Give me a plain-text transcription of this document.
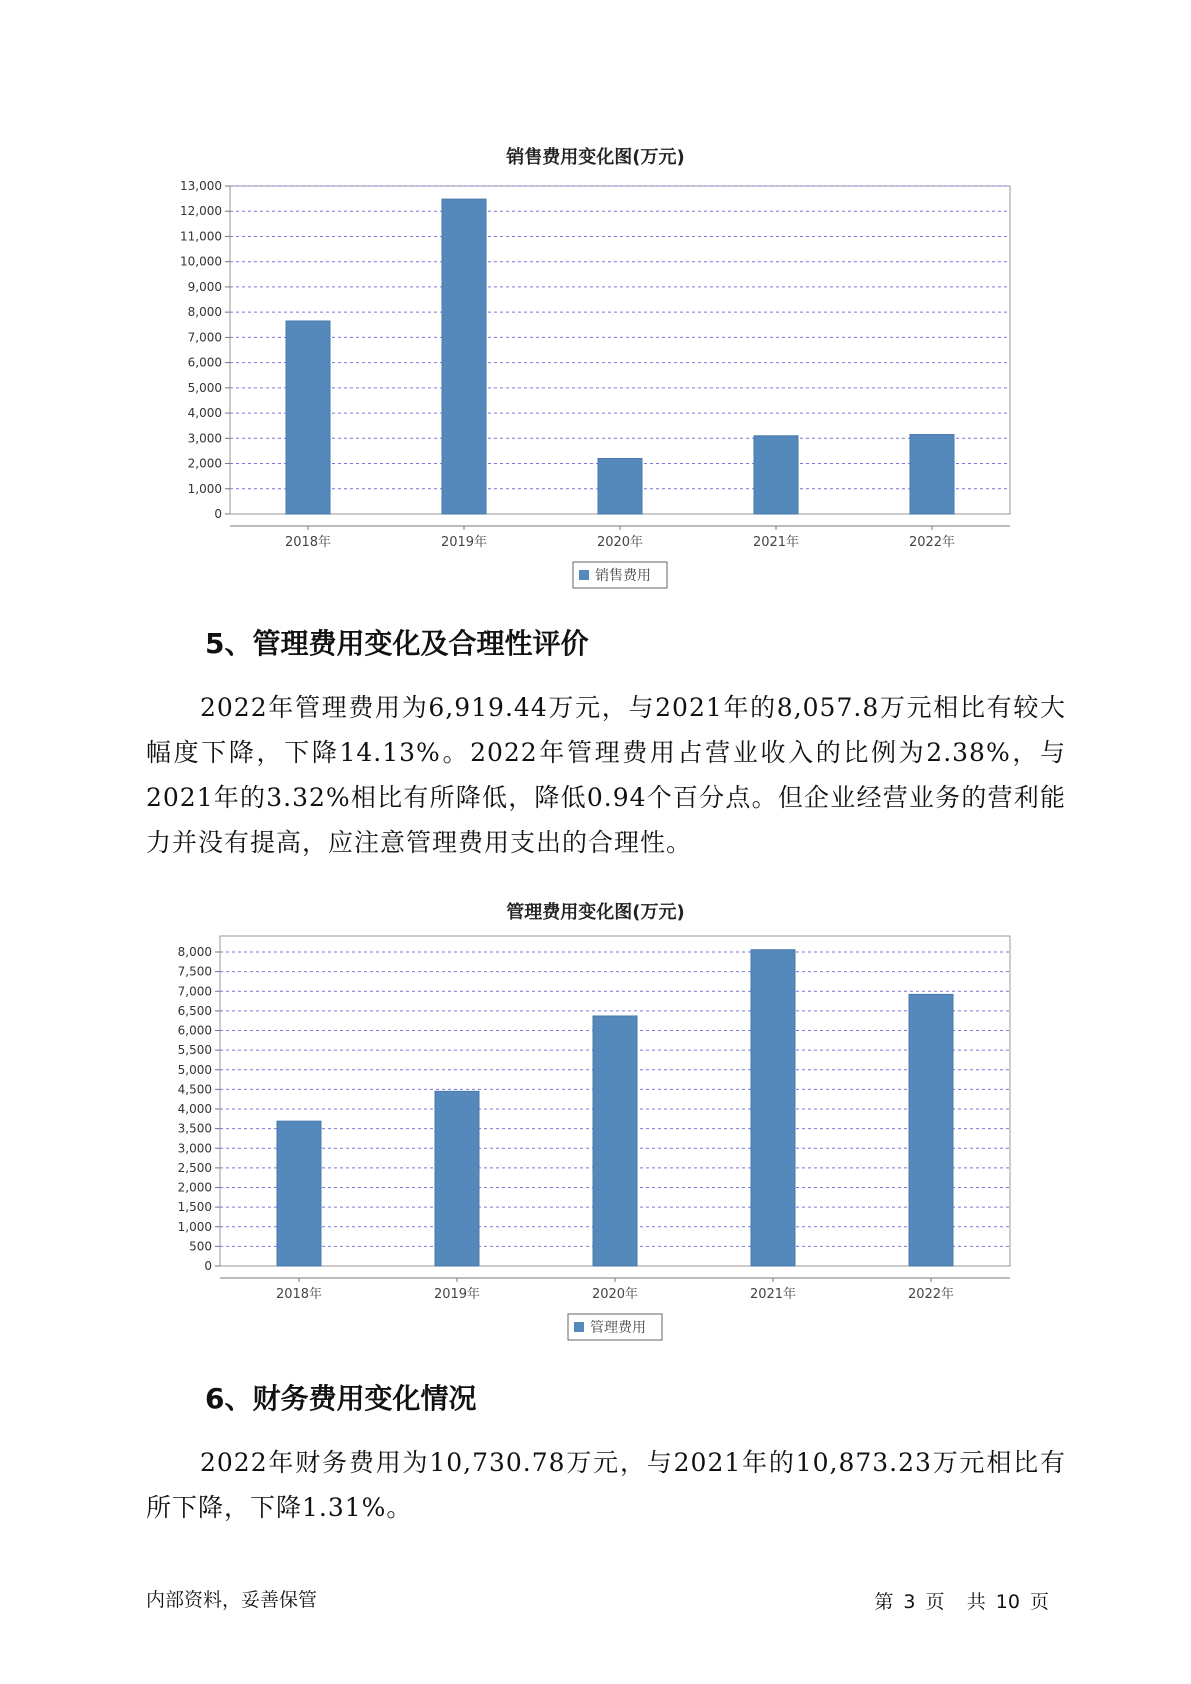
销售费用变化图(万元)
0
1,000
2,000
3,000
4,000
5,000
6,000
7,000
8,000
9,000
10,000
11,000
12,000
13,000
2018年	2019年	2020年	2021年	2022年
销售费用
5、管理费用变化及合理性评价

2022年管理费用为6,919.44万元，与2021年的8,057.8万元相比有较大幅度下降，下降14.13%。2022年管理费用占营业收入的比例为2.38%，与2021年的3.32%相比有所降低，降低0.94个百分点。但企业经营业务的营利能力并没有提高，应注意管理费用支出的合理性。

管理费用变化图(万元)
0
500
1,000
1,500
2,000
2,500
3,000
3,500
4,000
4,500
5,000
5,500
6,000
6,500
7,000
7,500
8,000
2018年	2019年	2020年	2021年	2022年
管理费用
6、财务费用变化情况

2022年财务费用为10,730.78万元，与2021年的10,873.23万元相比有所下降，下降1.31%。

内部资料，妥善保管	第 3 页 共 10 页
